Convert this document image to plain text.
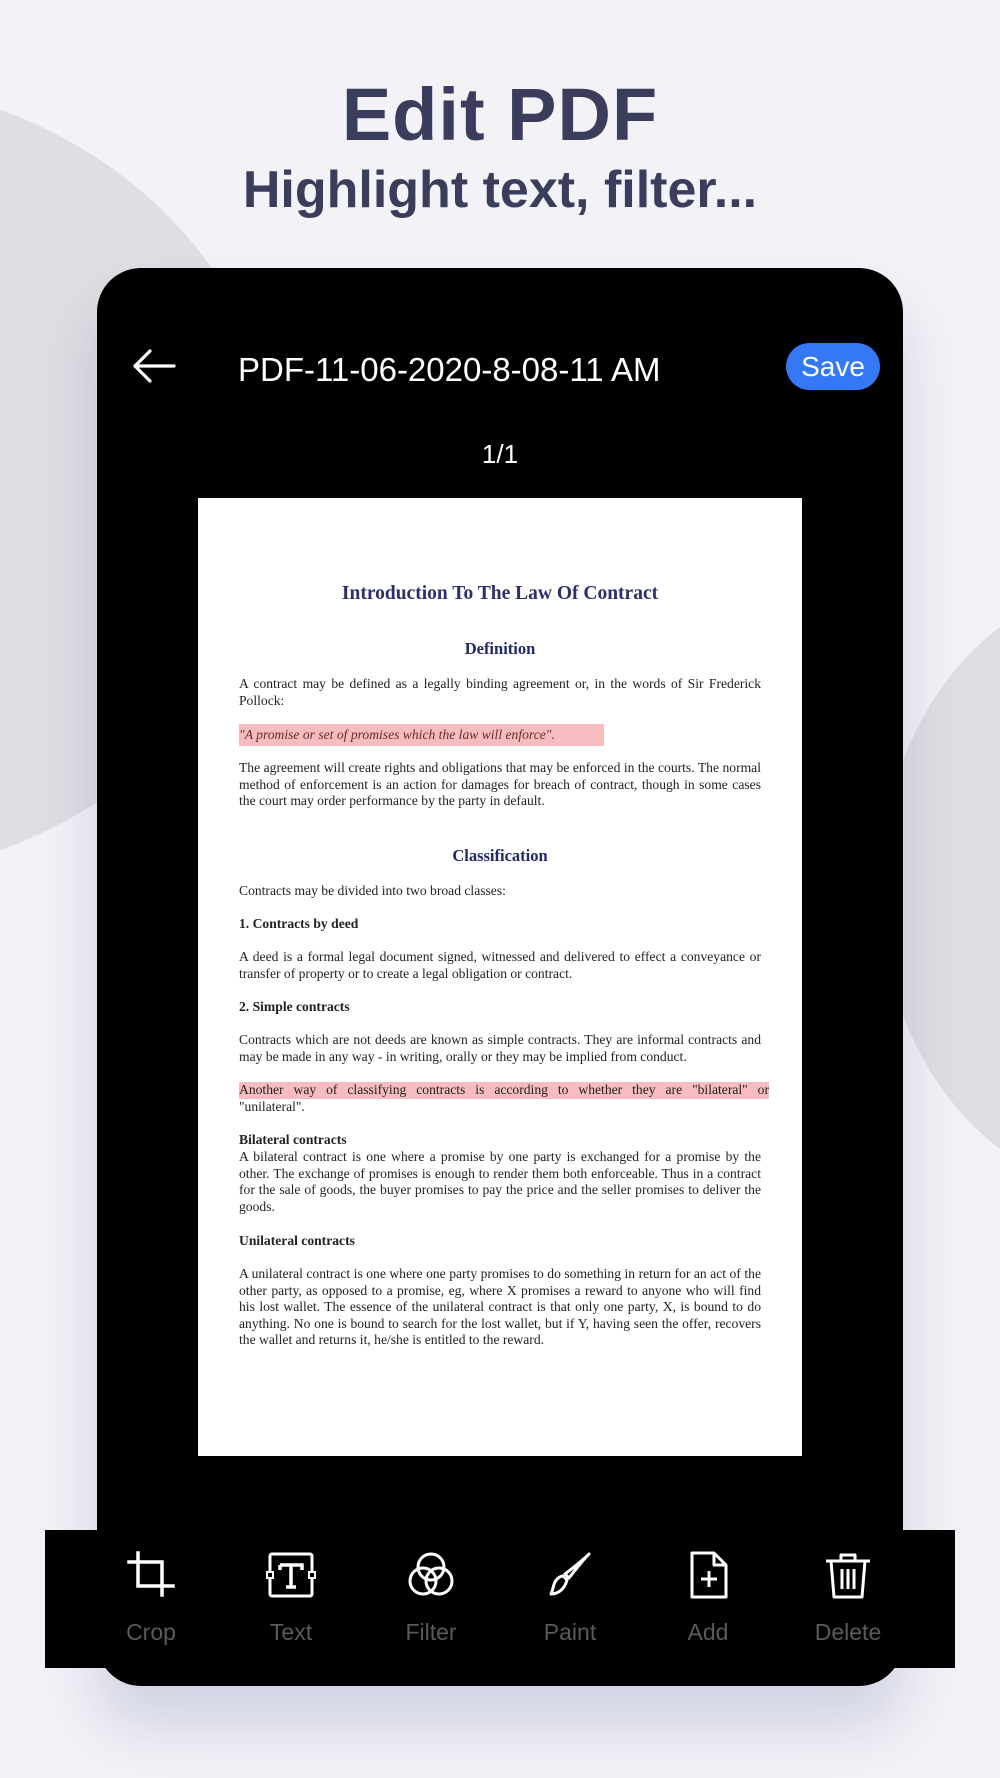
Edit PDF
Highlight text, filter...
PDF-11-06-2020-8-08-11 AM	Save
1/1
Introduction To The Law Of Contract
Definition
A contract may be defined as a legally binding agreement or, in the words of Sir Frederick Pollock:
"A promise or set of promises which the law will enforce".
The agreement will create rights and obligations that may be enforced in the courts. The normal method of enforcement is an action for damages for breach of contract, though in some cases the court may order performance by the party in default.
Classification
Contracts may be divided into two broad classes:
1. Contracts by deed
A deed is a formal legal document signed, witnessed and delivered to effect a conveyance or transfer of property or to create a legal obligation or contract.
2. Simple contracts
Contracts which are not deeds are known as simple contracts. They are informal contracts and may be made in any way - in writing, orally or they may be implied from conduct.
Another way of classifying contracts is according to whether they are "bilateral" or
"unilateral".
Bilateral contracts
A bilateral contract is one where a promise by one party is exchanged for a promise by the other. The exchange of promises is enough to render them both enforceable. Thus in a contract for the sale of goods, the buyer promises to pay the price and the seller promises to deliver the goods.
Unilateral contracts
A unilateral contract is one where one party promises to do something in return for an act of the other party, as opposed to a promise, eg, where X promises a reward to anyone who will find his lost wallet. The essence of the unilateral contract is that only one party, X, is bound to do anything. No one is bound to search for the lost wallet, but if Y, having seen the offer, recovers the wallet and returns it, he/she is entitled to the reward.
Crop	Text	Filter	Paint	Add	Delete
